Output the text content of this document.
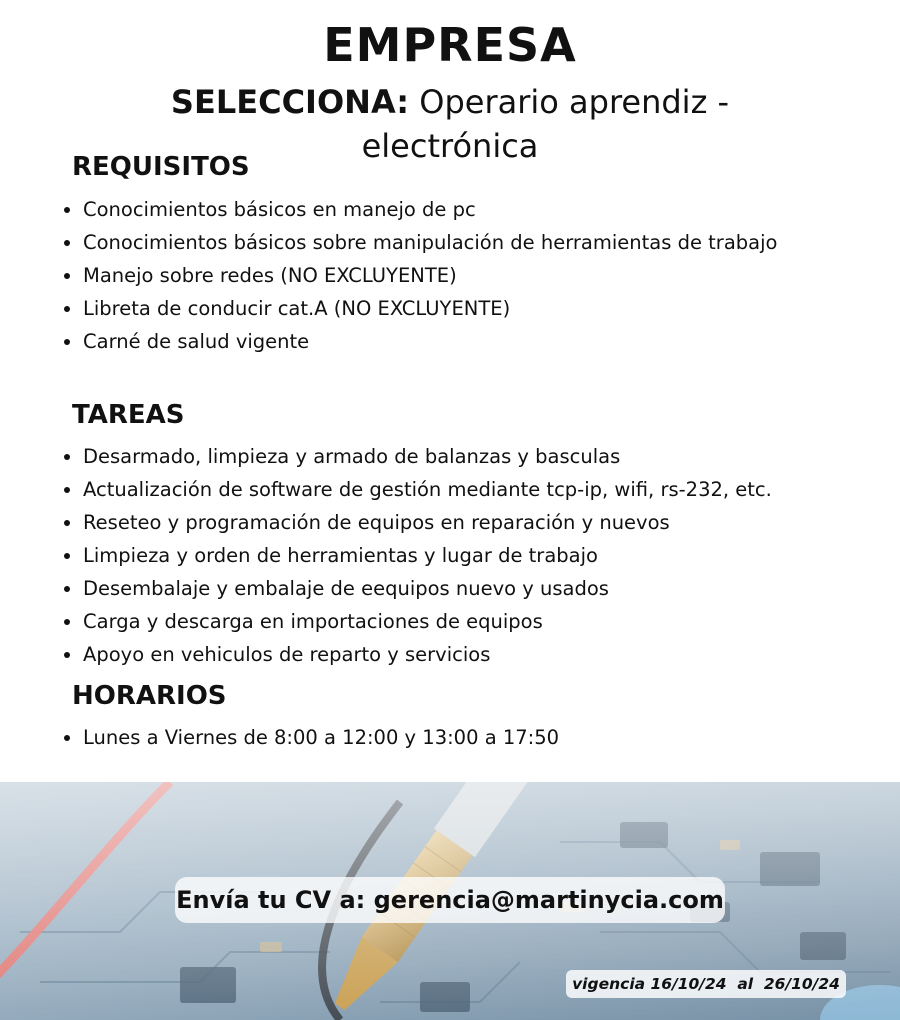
EMPRESA

SELECCIONA: Operario aprendiz - electrónica

REQUISITOS
Conocimientos básicos en manejo de pc
Conocimientos básicos sobre manipulación de herramientas de trabajo
Manejo sobre redes (NO EXCLUYENTE)
Libreta de conducir cat.A (NO EXCLUYENTE)
Carné de salud vigente
TAREAS
Desarmado, limpieza y armado de balanzas y basculas
Actualización de software de gestión mediante tcp-ip, wifi, rs-232, etc.
Reseteo y programación de equipos en reparación y nuevos
Limpieza y orden de herramientas y lugar de trabajo
Desembalaje y embalaje de eequipos nuevo y usados
Carga y descarga en importaciones de equipos
Apoyo en vehiculos de reparto y servicios
HORARIOS
Lunes a Viernes de 8:00 a 12:00 y 13:00 a 17:50
Envía tu CV a: gerencia@martinycia.com
vigencia 16/10/24  al  26/10/24
